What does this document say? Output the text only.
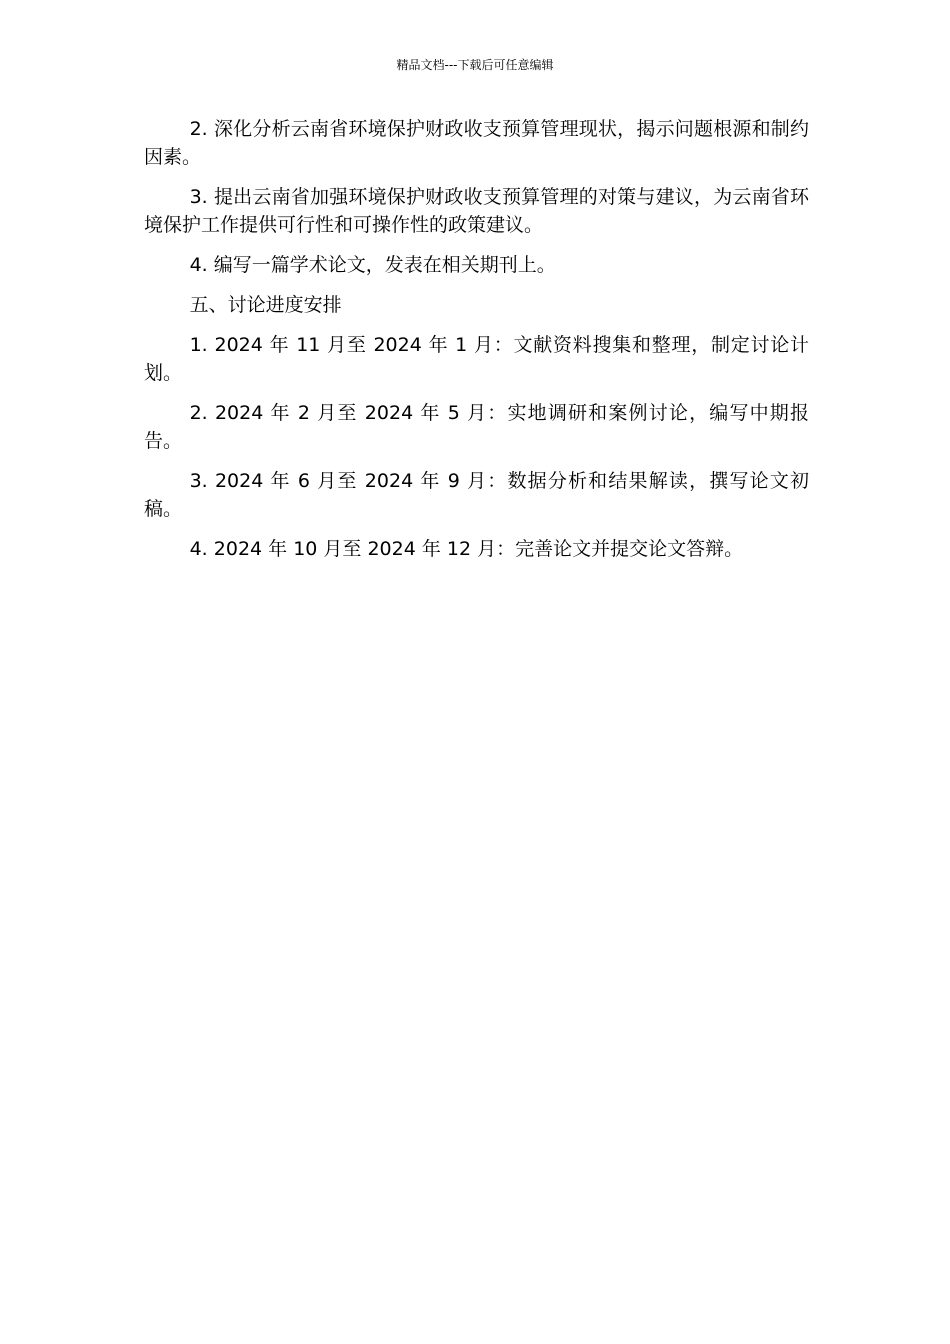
精品文档---下载后可任意编辑

2. 深化分析云南省环境保护财政收支预算管理现状，揭示问题根源和制约因素。

3. 提出云南省加强环境保护财政收支预算管理的对策与建议，为云南省环境保护工作提供可行性和可操作性的政策建议。

4. 编写一篇学术论文，发表在相关期刊上。

五、讨论进度安排

1. 2024 年 11 月至 2024 年 1 月：文献资料搜集和整理，制定讨论计划。

2. 2024 年 2 月至 2024 年 5 月：实地调研和案例讨论，编写中期报告。

3. 2024 年 6 月至 2024 年 9 月：数据分析和结果解读，撰写论文初稿。

4. 2024 年 10 月至 2024 年 12 月：完善论文并提交论文答辩。
